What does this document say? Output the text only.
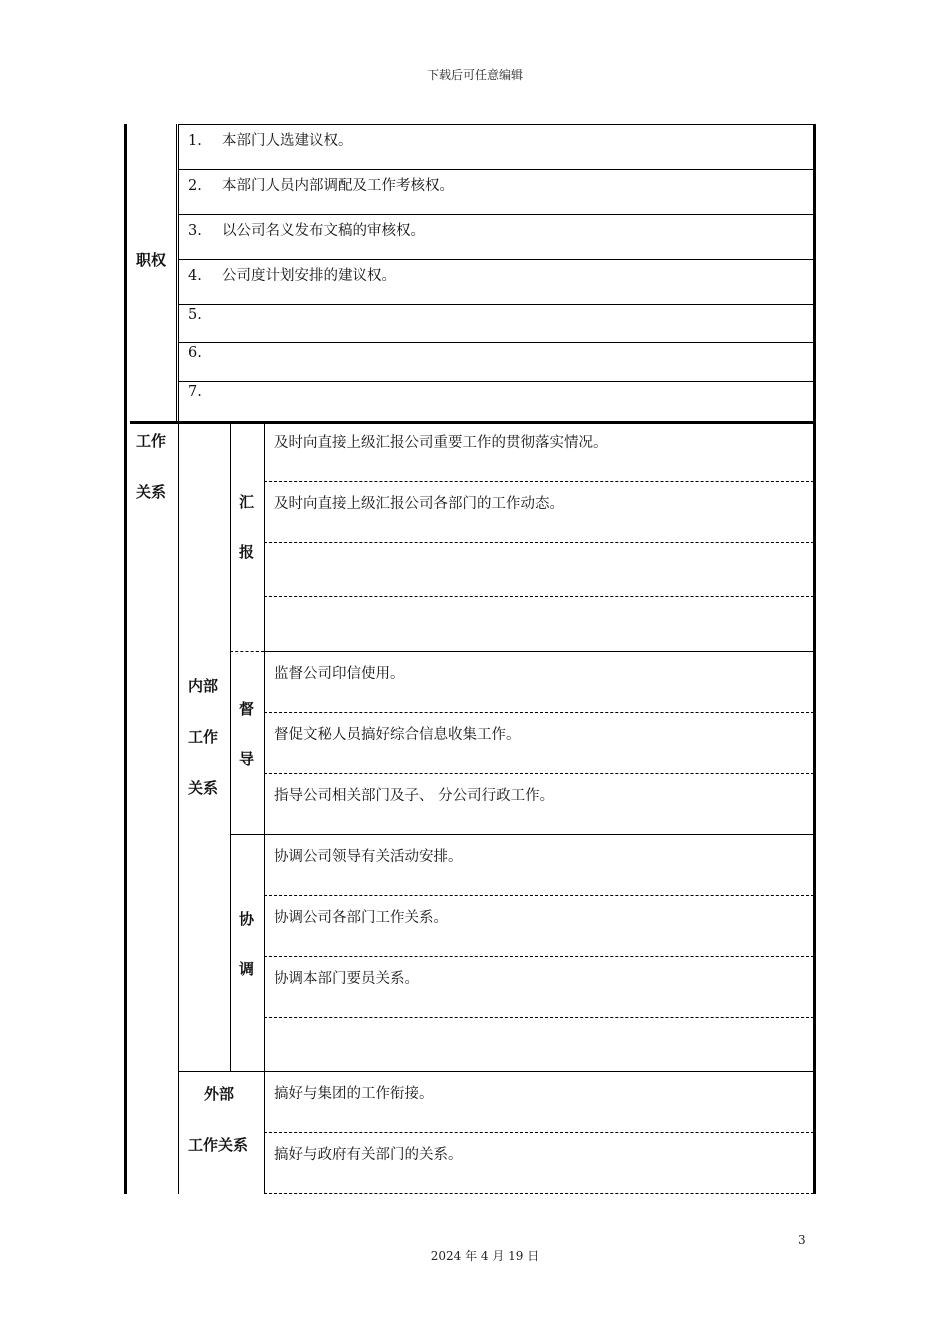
下载后可任意编辑
职权
1. 本部门人选建议权。
2. 本部门人员内部调配及工作考核权。
3. 以公司名义发布文稿的审核权。
4. 公司度计划安排的建议权。
5.
6.
7.
工作
关系
内部
工作
关系
汇
报
及时向直接上级汇报公司重要工作的贯彻落实情况。
及时向直接上级汇报公司各部门的工作动态。
督
导
监督公司印信使用。
督促文秘人员搞好综合信息收集工作。
指导公司相关部门及子、 分公司行政工作。
协
调
协调公司领导有关活动安排。
协调公司各部门工作关系。
协调本部门要员关系。
外部
工作关系
搞好与集团的工作衔接。
搞好与政府有关部门的关系。
3
2024 年 4 月 19 日
